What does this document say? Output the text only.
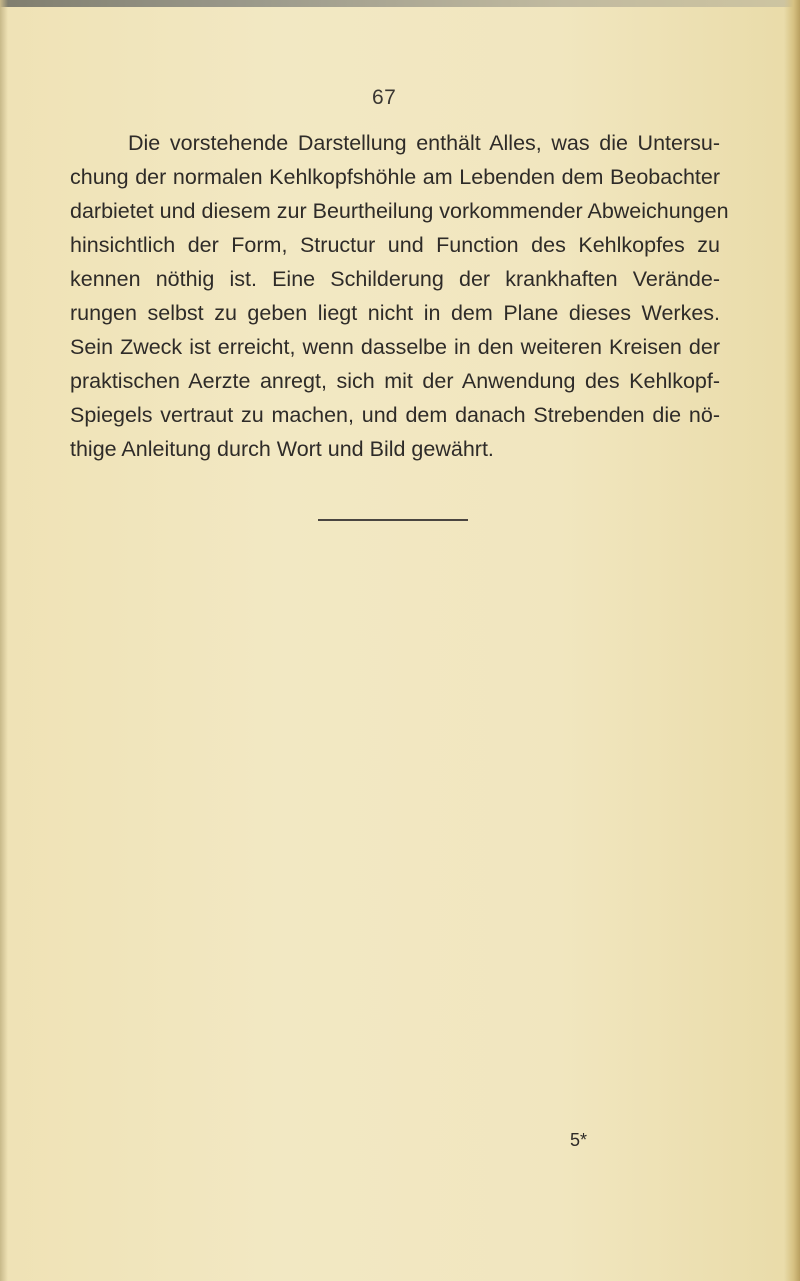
67
Die vorstehende Darstellung enthält Alles, was die Untersu-
chung der normalen Kehlkopfshöhle am Lebenden dem Beobachter
darbietet und diesem zur Beurtheilung vorkommender Abweichungen
hinsichtlich der Form, Structur und Function des Kehlkopfes zu
kennen nöthig ist. Eine Schilderung der krankhaften Verände-
rungen selbst zu geben liegt nicht in dem Plane dieses Werkes.
Sein Zweck ist erreicht, wenn dasselbe in den weiteren Kreisen der
praktischen Aerzte anregt, sich mit der Anwendung des Kehlkopf-
Spiegels vertraut zu machen, und dem danach Strebenden die nö-
thige Anleitung durch Wort und Bild gewährt.
5*
